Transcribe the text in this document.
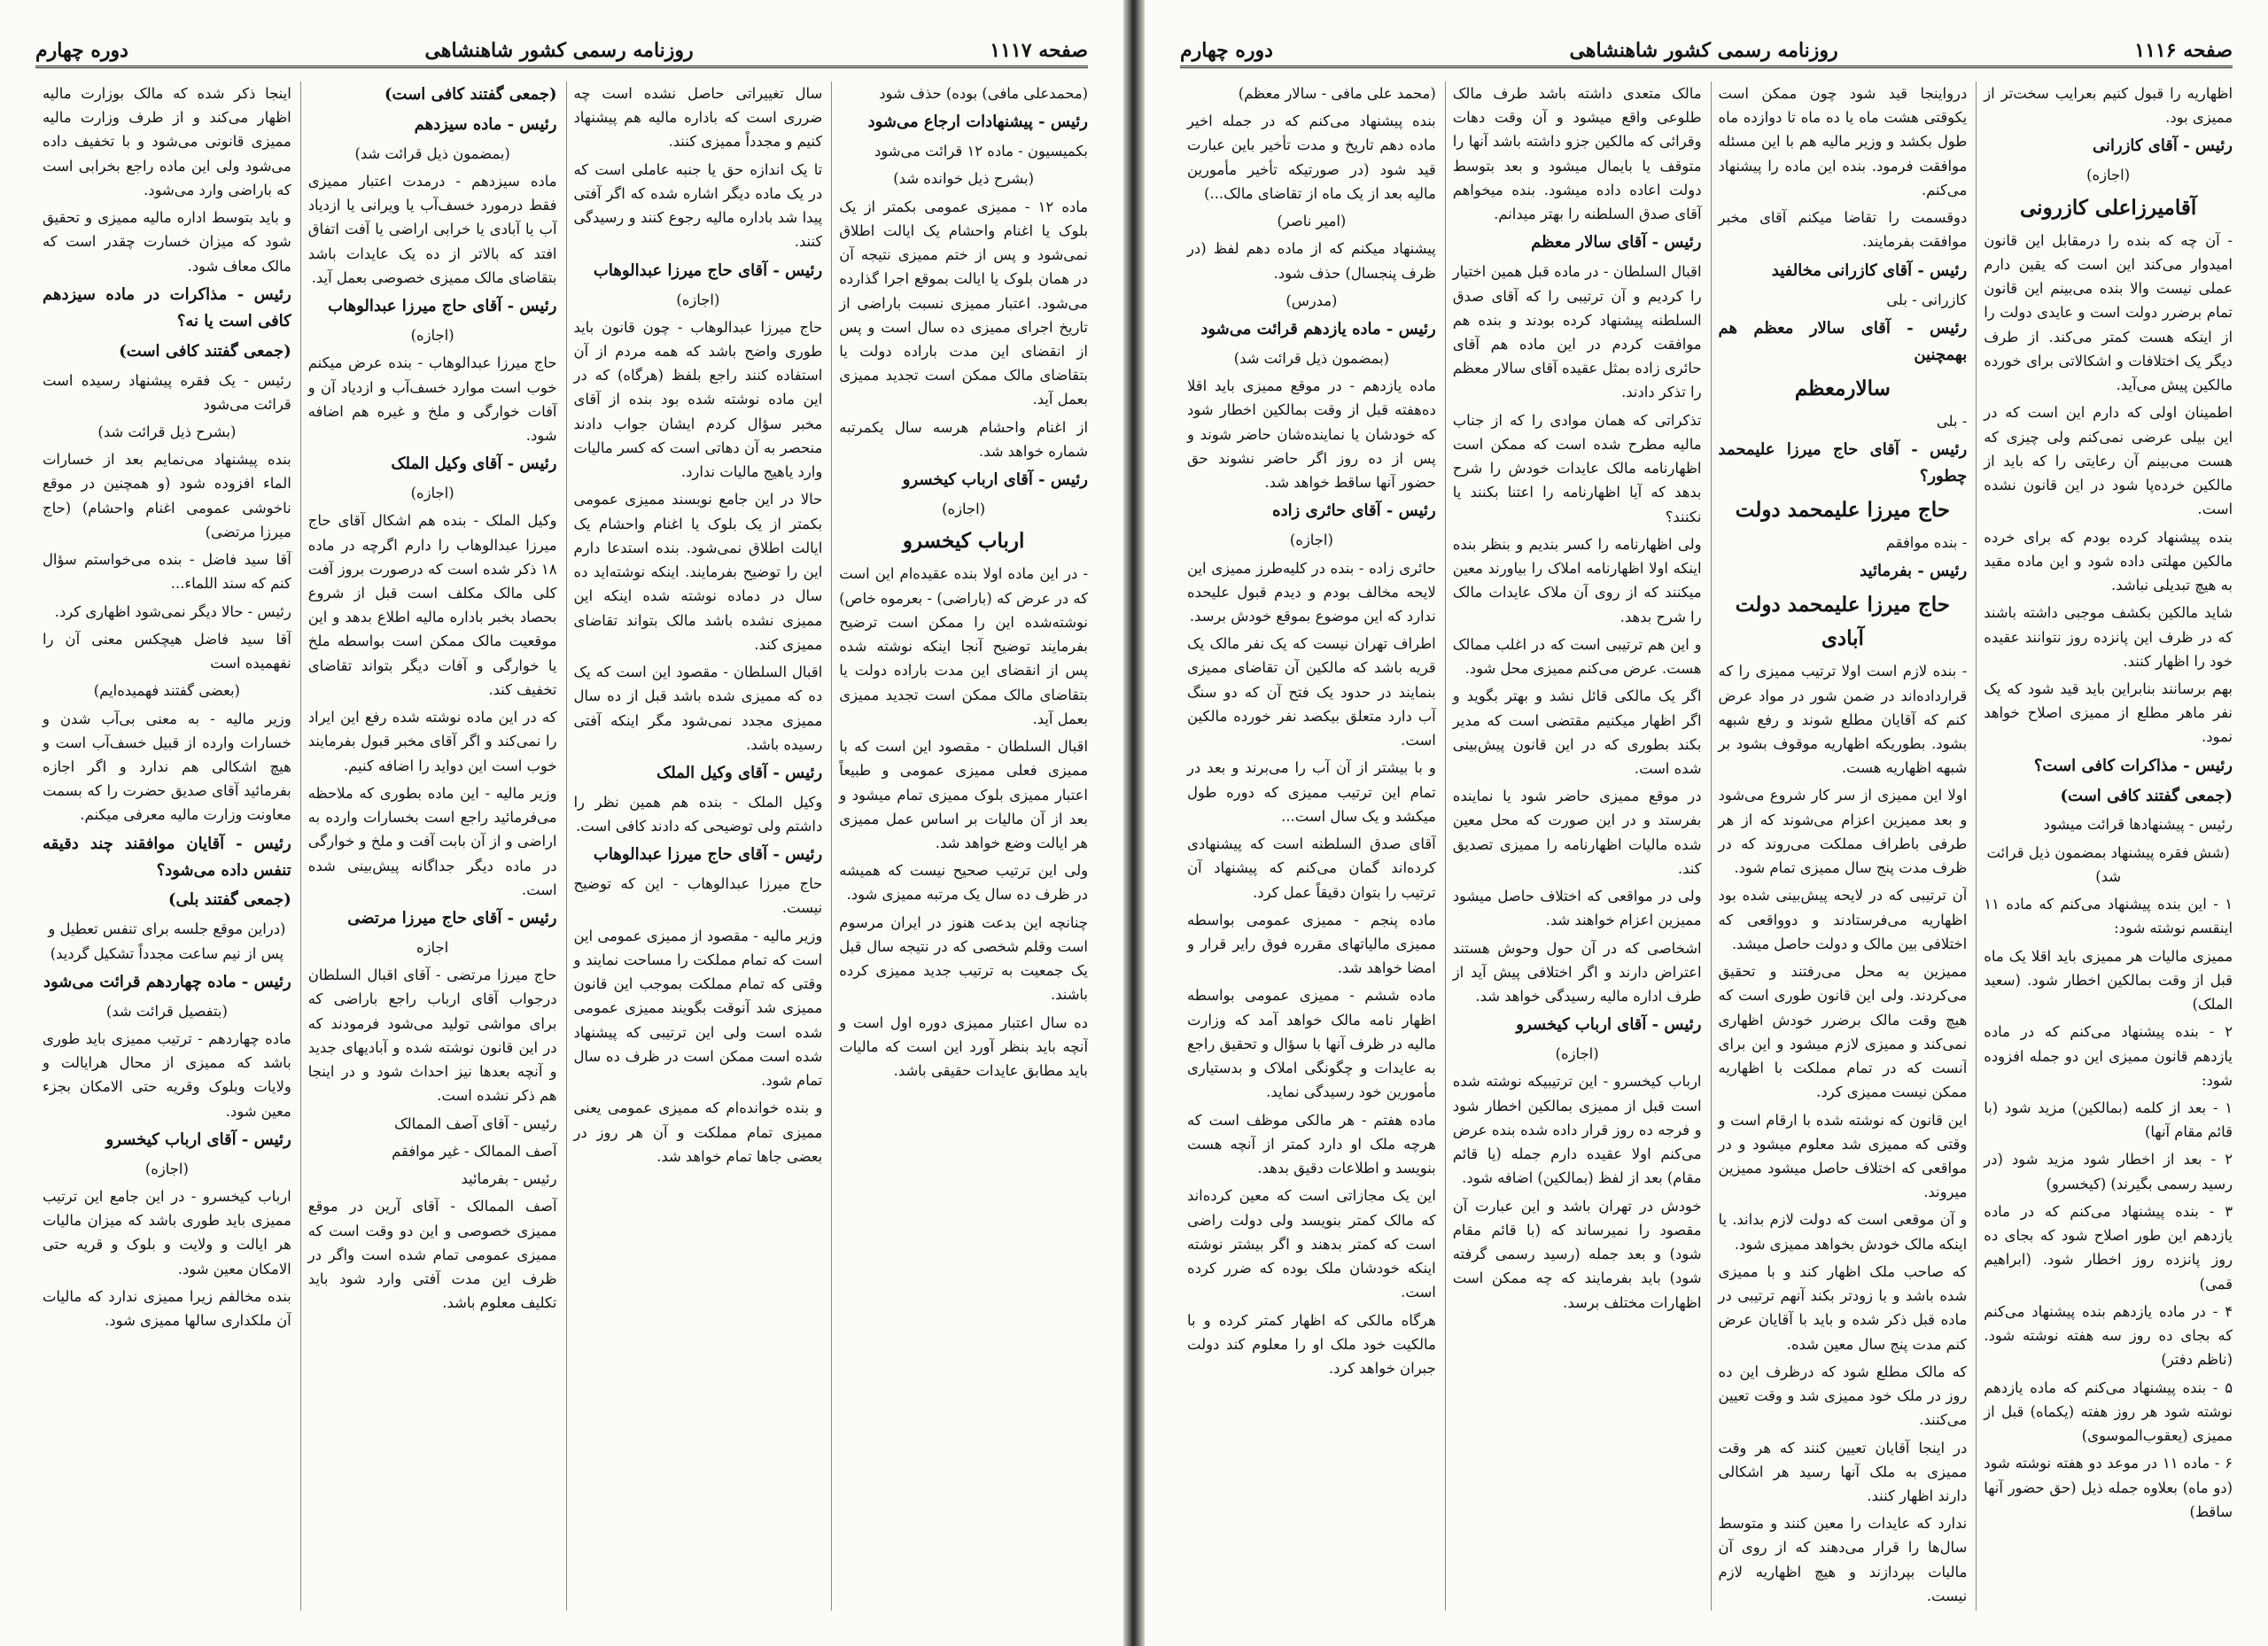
صفحه ۱۱۱۷
روزنامه رسمی کشور شاهنشاهی
دوره چهارم

(محمدعلی مافی) بوده) حذف شود

رئیس - پیشنهادات ارجاع می‌شود

بکمیسیون - ماده ۱۲ قرائت می‌شود

(بشرح ذیل خوانده شد)

ماده ۱۲ - ممیزی عمومی بکمتر از یک بلوک یا اغنام واحشام یک ایالت اطلاق نمی‌شود و پس از ختم ممیزی نتیجه آن در همان بلوک یا ایالت بموقع اجرا گذارده می‌شود. اعتبار ممیزی نسبت باراضی از تاریخ اجرای ممیزی ده سال است و پس از انقضای این مدت باراده دولت یا بتقاضای مالک ممکن است تجدید ممیزی بعمل آید.

از اغنام واحشام هرسه سال یکمرتبه شماره خواهد شد.

رئیس - آقای ارباب کیخسرو

(اجازه)

ارباب کیخسرو

- در این ماده اولا بنده عقیده‌ام این است که در عرض که (باراضی) - بعرموه خاص) نوشته‌شده این را ممکن است ترضیح بفرمایند توضیح آنجا اینکه نوشته شده پس از انقضای این مدت باراده دولت یا بتقاضای مالک ممکن است تجدید ممیزی بعمل آید.

اقبال السلطان - مقصود این است که با ممیزی فعلی ممیزی عمومی و طبیعاً اعتبار ممیزی بلوک ممیزی تمام میشود و بعد از آن مالیات بر اساس عمل ممیزی هر ایالت وضع خواهد شد.

ولی این ترتیب صحیح نیست که همیشه در ظرف ده سال یک مرتبه ممیزی شود.

چنانچه این بدعت هنوز در ایران مرسوم است وقلم شخصی که در نتیجه سال قبل یک جمعیت به ترتیب جدید ممیزی کرده باشند.

ده سال اعتبار ممیزی دوره اول است و آنچه باید بنظر آورد این است که مالیات باید مطابق عایدات حقیقی باشد.

سال تغییراتی حاصل نشده است چه ضرری است که باداره مالیه هم پیشنهاد کنیم و مجدداً ممیزی کنند.

تا یک اندازه حق یا جنبه عاملی است که در یک ماده دیگر اشاره شده که اگر آفتی پیدا شد باداره مالیه رجوع کنند و رسیدگی کنند.

رئیس - آقای حاج میرزا عبدالوهاب

(اجازه)

حاج میرزا عبدالوهاب - چون قانون باید طوری واضح باشد که همه مردم از آن استفاده کنند راجع بلفظ (هرگاه) که در این ماده نوشته شده بود بنده از آقای مخبر سؤال کردم ایشان جواب دادند منحصر به آن دهاتی است که کسر مالیات وارد یاهیج مالیات ندارد.

حالا در این جامع نوبسند ممیزی عمومی بکمتر از یک بلوک یا اغنام واحشام یک ایالت اطلاق نمی‌شود. بنده استدعا دارم این را توضیح بفرمایند. اینکه نوشته‌اید ده سال در دماده نوشته شده اینکه این ممیزی نشده باشد مالک بتواند تقاضای ممیزی کند.

اقبال السلطان - مقصود این است که یک ده که ممیزی شده باشد قبل از ده سال ممیزی مجدد نمی‌شود مگر اینکه آفتی رسیده باشد.

رئیس - آقای وکیل الملک

وکیل الملک - بنده هم همین نظر را داشتم ولی توضیحی که دادند کافی است.

رئیس - آقای حاج میرزا عبدالوهاب

حاج میرزا عبدالوهاب - این که توضیح نیست.

وزیر مالیه - مقصود از ممیزی عمومی این است که تمام مملکت را مساحت نمایند و وقتی که تمام مملکت بموجب این قانون ممیزی شد آنوقت بگویند ممیزی عمومی شده است ولی این ترتیبی که پیشنهاد شده است ممکن است در ظرف ده سال تمام شود.

و بنده خوانده‌ام که ممیزی عمومی یعنی ممیزی تمام مملکت و آن هر روز در بعضی جاها تمام خواهد شد.

(جمعی گفتند کافی است)

رئیس - ماده سیزدهم

(بمضمون ذیل قرائت شد)

ماده سیزدهم - درمدت اعتبار ممیزی فقط درمورد خسف‌آب یا ویرانی یا ازدیاد آب یا آبادی یا خرابی اراضی یا آفت اتفاق افتد که بالاتر از ده یک عایدات باشد بتقاضای مالک ممیزی خصوصی بعمل آید.

رئیس - آقای حاج میرزا عبدالوهاب

(اجازه)

حاج میرزا عبدالوهاب - بنده عرض میکنم خوب است موارد خسف‌آب و ازدیاد آن و آفات خوارگی و ملخ و غیره هم اضافه شود.

رئیس - آقای وکیل الملک

(اجازه)

وکیل الملک - بنده هم اشکال آقای حاج میرزا عبدالوهاب را دارم اگرچه در ماده ۱۸ ذکر شده است که درصورت بروز آفت کلی مالک مکلف است قبل از شروع بحصاد بخبر باداره مالیه اطلاع بدهد و این موقعیت مالک ممکن است بواسطه ملخ یا خوارگی و آفات دیگر بتواند تقاضای تخفیف کند.

که در این ماده نوشته شده رفع این ایراد را نمی‌کند و اگر آقای مخبر قبول بفرمایند خوب است این دواید را اضافه کنیم.

وزیر مالیه - این ماده بطوری که ملاحظه می‌فرمائید راجع است بخسارات وارده به اراضی و از آن بابت آفت و ملخ و خوارگی در ماده دیگر جداگانه پیش‌بینی شده است.

رئیس - آقای حاج میرزا مرتضی

اجازه

حاج میرزا مرتضی - آقای اقبال السلطان درجواب آقای ارباب راجع باراضی که برای مواشی تولید می‌شود فرمودند که در این قانون نوشته شده و آبادیهای جدید و آنچه بعدها نیز احداث شود و در اینجا هم ذکر نشده است.

رئیس - آقای آصف الممالک

آصف الممالک - غیر موافقم

رئیس - بفرمائید

آصف الممالک - آقای آرین در موقع ممیزی خصوصی و این دو وقت است که ممیزی عمومی تمام شده است واگر در ظرف این مدت آفتی وارد شود باید تکلیف معلوم باشد.

اینجا ذکر شده که مالک بوزارت مالیه اظهار می‌کند و از طرف وزارت مالیه ممیزی قانونی می‌شود و با تخفیف داده می‌شود ولی این ماده راجع بخرابی است که باراضی وارد می‌شود.

و باید بتوسط اداره مالیه ممیزی و تحقیق شود که میزان خسارت چقدر است که مالک معاف شود.

رئیس - مذاکرات در ماده سیزدهم کافی است یا نه؟

(جمعی گفتند کافی است)

رئیس - یک فقره پیشنهاد رسیده است قرائت می‌شود

(بشرح ذیل قرائت شد)

بنده پیشنهاد می‌نمایم بعد از خسارات الماء افزوده شود (و همچنین در موقع ناخوشی عمومی اغنام واحشام) (حاج میرزا مرتضی)

آقا سید فاضل - بنده می‌خواستم سؤال کنم که سند اللماء...

رئیس - حالا دیگر نمی‌شود اظهاری کرد.

آقا سید فاضل هیچکس معنی آن را نفهمیده است

(بعضی گفتند فهمیده‌ایم)

وزیر مالیه - به معنی بی‌آب شدن و خسارات وارده از قبیل خسف‌آب است و هیچ اشکالی هم ندارد و اگر اجازه بفرمائید آقای صدیق حضرت را که بسمت معاونت وزارت مالیه معرفی میکنم.

رئیس - آقایان موافقند چند دقیقه تنفس داده می‌شود؟

(جمعی گفتند بلی)

(دراین موقع جلسه برای تنفس تعطیل و پس از نیم ساعت مجدداً تشکیل گردید)

رئیس - ماده چهاردهم قرائت می‌شود

(بتفصیل قرائت شد)

ماده چهاردهم - ترتیب ممیزی باید طوری باشد که ممیزی از محال هرایالت و ولایات وبلوک وقریه حتی الامکان بجزء معین شود.

رئیس - آقای ارباب کیخسرو

(اجازه)

ارباب کیخسرو - در این جامع این ترتیب ممیزی باید طوری باشد که میزان مالیات هر ایالت و ولایت و بلوک و قریه حتی الامکان معین شود.

بنده مخالفم زیرا ممیزی ندارد که مالیات آن ملکداری سالها ممیزی شود.

صفحه ۱۱۱۶
روزنامه رسمی کشور شاهنشاهی
دوره چهارم

اظهاریه را قبول کنیم بعرایب سخت‌تر از ممیزی بود.

رئیس - آقای کازرانی

(اجازه)

آقامیرزاعلی کازرونی

- آن چه که بنده را درمقابل این قانون امیدوار می‌کند این است که یقین دارم عملی نیست والا بنده می‌بینم این قانون تمام برضرر دولت است و عایدی دولت را از اینکه هست کمتر می‌کند. از طرف دیگر یک اختلافات و اشکالاتی برای خورده مالکین پیش می‌آید.

اطمینان اولی که دارم این است که در این بیلی عرضی نمی‌کنم ولی چیزی که هست می‌بینم آن رعایتی را که باید از مالکین خرده‌پا شود در این قانون نشده است.

بنده پیشنهاد کرده بودم که برای خرده مالکین مهلتی داده شود و این ماده مقید به هیچ تبدیلی نباشد.

شاید مالکین بکشف موجبی داشته باشند که در ظرف این پانزده روز نتوانند عقیده خود را اظهار کنند.

بهم برسانند بنابراین باید قید شود که یک نفر ماهر مطلع از ممیزی اصلاح خواهد نمود.

رئیس - مذاکرات کافی است؟

(جمعی گفتند کافی است)

رئیس - پیشنهادها قرائت میشود

(شش فقره پیشنهاد بمضمون ذیل قرائت شد)

۱ - این بنده پیشنهاد می‌کنم که ماده ۱۱ اینقسم نوشته شود:

ممیزی مالیات هر ممیزی باید اقلا یک ماه قبل از وقت بمالکین اخطار شود. (سعید الملک)

۲ - بنده پیشنهاد می‌کنم که در ماده یازدهم قانون ممیزی این دو جمله افزوده شود:

۱ - بعد از کلمه (بمالکین) مزید شود (با قائم مقام آنها)

۲ - بعد از اخطار شود مزید شود (در رسید رسمی بگیرند) (کیخسرو)

۳ - بنده پیشنهاد می‌کنم که در ماده یازدهم این طور اصلاح شود که بجای ده روز پانزده روز اخطار شود. (ابراهیم قمی)

۴ - در ماده یازدهم بنده پیشنهاد می‌کنم که بجای ده روز سه هفته نوشته شود. (ناظم دفتر)

۵ - بنده پیشنهاد می‌کنم که ماده یازدهم نوشته شود هر روز هفته (یکماه) قبل از ممیزی (یعقوب‌الموسوی)

۶ - ماده ۱۱ در موعد دو هفته نوشته شود (دو ماه) بعلاوه جمله ذیل (حق حضور آنها ساقط)

درواینجا قید شود چون ممکن است یکوقتی هشت ماه یا ده ماه تا دوازده ماه طول بکشد و وزیر مالیه هم با این مسئله موافقت فرمود. بنده این ماده را پیشنهاد می‌کنم.

دوقسمت را تقاضا میکنم آقای مخبر موافقت بفرمایند.

رئیس - آقای کازرانی مخالفید

کازرانی - بلی

رئیس - آقای سالار معظم هم بهمچنین

سالارمعظم

- بلی

رئیس - آقای حاج میرزا علیمحمد چطور؟

حاج میرزا علیمحمد دولت

- بنده موافقم

رئیس - بفرمائید

حاج میرزا علیمحمد دولت آبادی

- بنده لازم است اولا ترتیب ممیزی را که قرارداده‌اند در ضمن شور در مواد عرض کنم که آقایان مطلع شوند و رفع شبهه بشود. بطوریکه اظهاریه موقوف بشود بر شبهه اظهاریه هست.

اولا این ممیزی از سر کار شروع می‌شود و بعد ممیزین اعزام می‌شوند که از هر طرفی باطراف مملکت می‌روند که در ظرف مدت پنج سال ممیزی تمام شود.

آن ترتیبی که در لایحه پیش‌بینی شده بود اظهاریه می‌فرستادند و دوواقعی که اختلافی بین مالک و دولت حاصل میشد.

ممیزین به محل می‌رفتند و تحقیق می‌کردند. ولی این قانون طوری است که هیچ وقت مالک برضرر خودش اظهاری نمی‌کند و ممیزی لازم میشود و این برای آنست که در تمام مملکت با اظهاریه ممکن نیست ممیزی کرد.

این قانون که نوشته شده با ارقام است و وقتی که ممیزی شد معلوم میشود و در مواقعی که اختلاف حاصل میشود ممیزین میروند.

و آن موقعی است که دولت لازم بداند. یا اینکه مالک خودش بخواهد ممیزی شود.

که صاحب ملک اظهار کند و با ممیزی شده باشد و با زودتر بکند آنهم ترتیبی در ماده قبل ذکر شده و باید با آقایان عرض کنم مدت پنج سال معین شده.

که مالک مطلع شود که درظرف این ده روز در ملک خود ممیزی شد و وقت تعیین می‌کنند.

در اینجا آقایان تعیین کنند که هر وقت ممیزی به ملک آنها رسید هر اشکالی دارند اظهار کنند.

ندارد که عایدات را معین کنند و متوسط سال‌ها را قرار می‌دهند که از روی آن مالیات بپردازند و هیچ اظهاریه لازم نیست.

مالک متعدی داشته باشد طرف مالک طلوعی واقع میشود و آن وقت دهات وقرائی که مالکین جزو داشته باشد آنها را متوقف یا بایمال میشود و بعد بتوسط دولت اعاده داده میشود. بنده میخواهم آقای صدق السلطنه را بهتر میدانم.

رئیس - آقای سالار معظم

اقبال السلطان - در ماده قبل همین اختیار را کردیم و آن ترتیبی را که آقای صدق السلطنه پیشنهاد کرده بودند و بنده هم موافقت کردم در این ماده هم آقای حائری زاده بمثل عقیده آقای سالار معظم را تذکر دادند.

تذکراتی که همان موادی را که از جناب ماليه مطرح شده است که ممکن است اظهارنامه مالک عایدات خودش را شرح بدهد که آیا اظهارنامه را اعتنا بکنند یا نکنند؟

ولی اظهارنامه را کسر بندیم و بنظر بنده اینکه اولا اظهارنامه املاک را بیاورند معین میکنند که از روی آن ملاک عایدات مالک را شرح بدهد.

و این هم ترتیبی است که در اغلب ممالک هست. عرض می‌کنم ممیزی محل شود.

اگر یک مالکی قائل نشد و بهتر بگوید و اگر اظهار میکنیم مقتضی است که مدیر بکند بطوری که در این قانون پیش‌بینی شده است.

در موقع ممیزی حاضر شود یا نماینده بفرستد و در این صورت که محل معین شده مالیات اظهارنامه را ممیزی تصدیق کند.

ولی در مواقعی که اختلاف حاصل میشود ممیزین اعزام خواهند شد.

اشخاصی که در آن حول وحوش هستند اعتراض دارند و اگر اختلافی پیش آید از طرف اداره مالیه رسیدگی خواهد شد.

رئیس - آقای ارباب کیخسرو

(اجازه)

ارباب کیخسرو - این ترتیبیکه نوشته شده است قبل از ممیزی بمالکین اخطار شود و فرجه ده روز قرار داده شده بنده عرض می‌کنم اولا عقیده دارم جمله (یا قائم مقام) بعد از لفظ (بمالکین) اضافه شود.

خودش در تهران باشد و این عبارت آن مقصود را نمیرساند که (با قائم مقام شود) و بعد جمله (رسید رسمی گرفته شود) باید بفرمایند که چه ممکن است اظهارات مختلف برسد.

(محمد علی مافی - سالار معظم)

بنده پیشنهاد می‌کنم که در جمله اخیر ماده دهم تاریخ و مدت تأخیر باین عبارت قید شود (در صورتیکه تأخیر مأمورین مالیه بعد از یک ماه از تقاضای مالک...)

(امیر ناصر)

پیشنهاد میکنم که از ماده دهم لفظ (در ظرف پنجسال) حذف شود.

(مدرس)

رئیس - ماده یازدهم قرائت می‌شود

(بمضمون ذیل قرائت شد)

ماده یازدهم - در موقع ممیزی باید اقلا ده‌هفته قبل از وقت بمالکین اخطار شود که خودشان یا نماینده‌شان حاضر شوند و پس از ده روز اگر حاضر نشوند حق حضور آنها ساقط خواهد شد.

رئیس - آقای حائری زاده

(اجازه)

حائری زاده - بنده در کلیه‌طرز ممیزی این لایحه مخالف بودم و دیدم قبول علیحده ندارد که این موضوع بموقع خودش برسد.

اطراف تهران نیست که یک نفر مالک یک قریه باشد که مالکین آن تقاضای ممیزی بنمایند در حدود یک فتح آن که دو سنگ آب دارد متعلق بیکصد نفر خورده مالکین است.

و با بیشتر از آن آب را می‌برند و بعد در تمام این ترتیب ممیزی که دوره طول میکشد و یک سال است...

آقای صدق السلطنه است که پیشنهادی کرده‌اند گمان می‌کنم که پیشنهاد آن ترتیب را بتوان دقیقاً عمل کرد.

ماده پنجم - ممیزی عمومی بواسطه ممیزی مالیاتهای مقرره فوق رایر قرار و امضا خواهد شد.

ماده ششم - ممیزی عمومی بواسطه اظهار نامه مالک خواهد آمد که وزارت مالیه در ظرف آنها با سؤال و تحقیق راجع به عایدات و چگونگی املاک و بدستیاری مأمورین خود رسیدگی نماید.

ماده هفتم - هر مالکی موظف است که هرچه ملک او دارد کمتر از آنچه هست بنویسد و اطلاعات دقیق بدهد.

این یک مجازاتی است که معین کرده‌اند که مالک کمتر بنویسد ولی دولت راضی است که کمتر بدهند و اگر بیشتر نوشته اینکه خودشان ملک بوده که ضرر کرده است.

هرگاه مالکی که اظهار کمتر کرده و با مالکیت خود ملک او را معلوم کند دولت جبران خواهد کرد.
